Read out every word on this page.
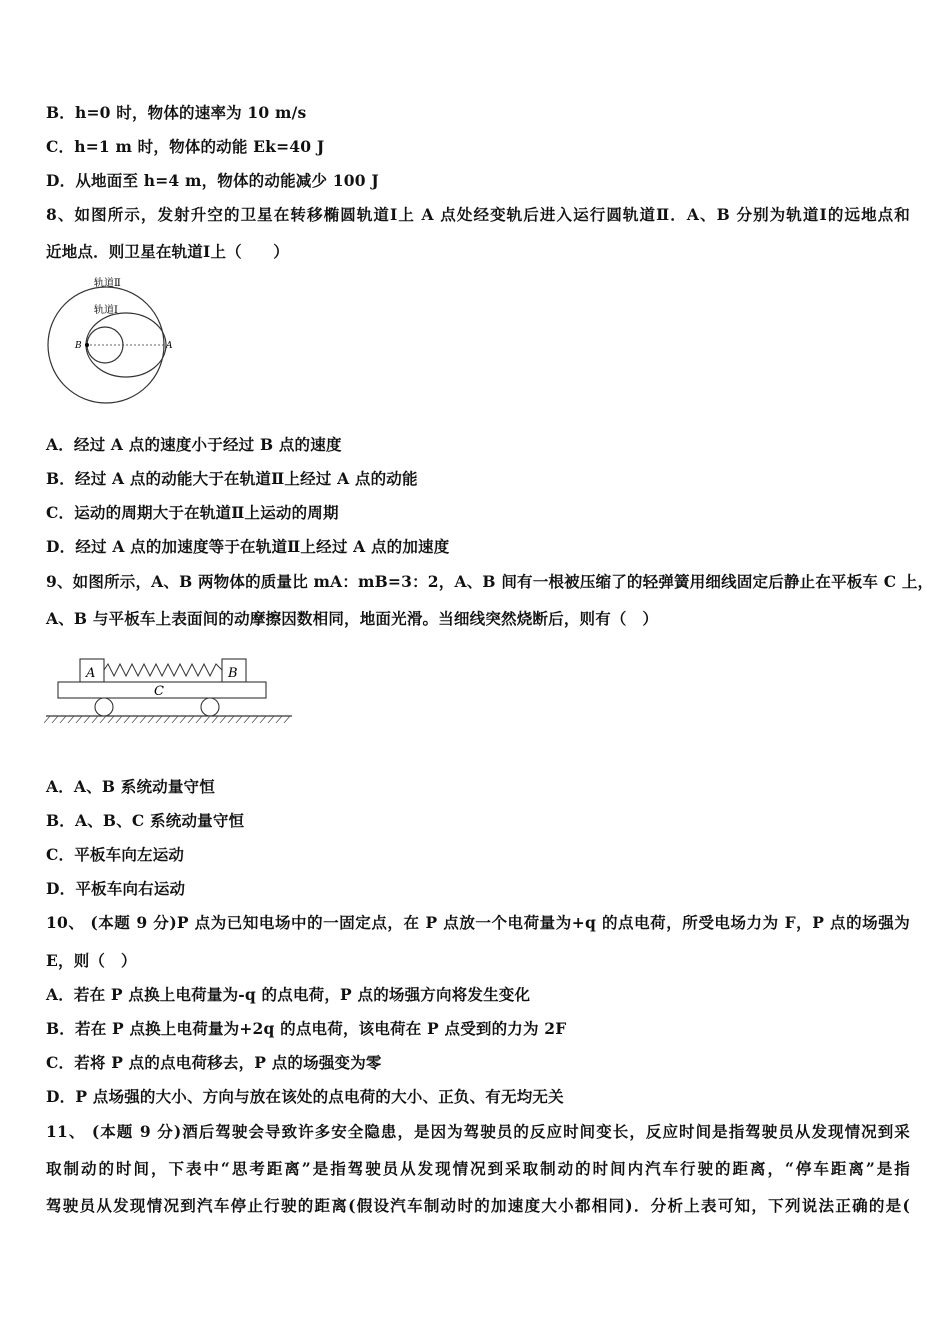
B．h=0 时，物体的速率为 10 m/s
C．h=1 m 时，物体的动能 Ek=40 J
D．从地面至 h=4 m，物体的动能减少 100 J
8、如图所示，发射升空的卫星在转移椭圆轨道Ⅰ上 A 点处经变轨后进入运行圆轨道Ⅱ．A、B 分别为轨道Ⅰ的远地点和
近地点．则卫星在轨道Ⅰ上（　　）
轨道Ⅱ
轨道Ⅰ
B	A
A．经过 A 点的速度小于经过 B 点的速度
B．经过 A 点的动能大于在轨道Ⅱ上经过 A 点的动能
C．运动的周期大于在轨道Ⅱ上运动的周期
D．经过 A 点的加速度等于在轨道Ⅱ上经过 A 点的加速度
9、如图所示，A、B 两物体的质量比 mA：mB=3：2，A、B 间有一根被压缩了的轻弹簧用细线固定后静止在平板车 C 上，
A、B 与平板车上表面间的动摩擦因数相同，地面光滑。当细线突然烧断后，则有（　）
A	B
C
A．A、B 系统动量守恒
B．A、B、C 系统动量守恒
C．平板车向左运动
D．平板车向右运动
10、 (本题 9 分)P 点为已知电场中的一固定点，在 P 点放一个电荷量为+q 的点电荷，所受电场力为 F，P 点的场强为
E，则（　）
A．若在 P 点换上电荷量为-q 的点电荷，P 点的场强方向将发生变化
B．若在 P 点换上电荷量为+2q 的点电荷，该电荷在 P 点受到的力为 2F
C．若将 P 点的点电荷移去，P 点的场强变为零
D．P 点场强的大小、方向与放在该处的点电荷的大小、正负、有无均无关
11、 (本题 9 分)酒后驾驶会导致许多安全隐患，是因为驾驶员的反应时间变长，反应时间是指驾驶员从发现情况到采
取制动的时间，下表中“思考距离”是指驾驶员从发现情况到采取制动的时间内汽车行驶的距离，“停车距离”是指
驾驶员从发现情况到汽车停止行驶的距离(假设汽车制动时的加速度大小都相同)．分析上表可知，下列说法正确的是(
